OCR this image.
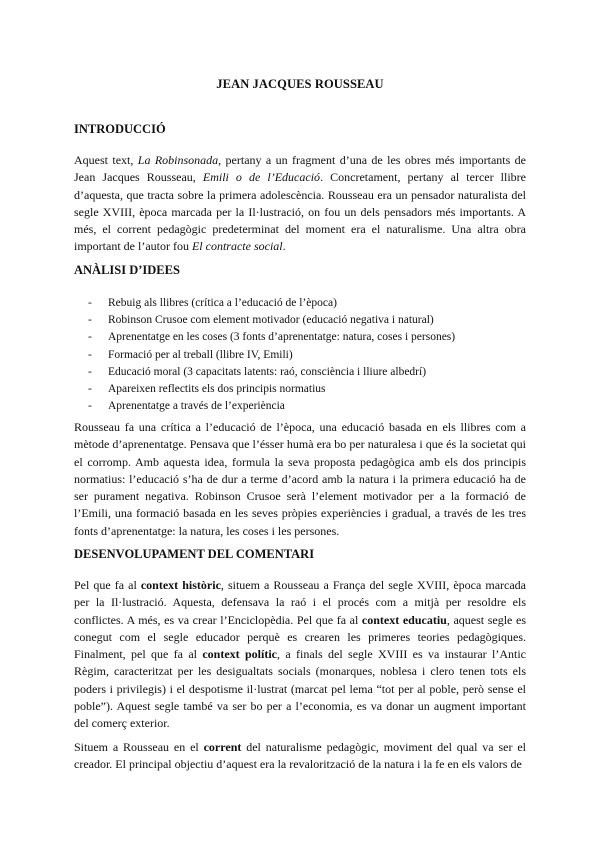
JEAN JACQUES ROUSSEAU
INTRODUCCIÓ

Aquest text, La Robinsonada, pertany a un fragment d’una de les obres més importants de Jean Jacques Rousseau, Emili o de l’Educació. Concretament, pertany al tercer llibre d’aquesta, que tracta sobre la primera adolescència. Rousseau era un pensador naturalista del segle XVIII, època marcada per la Il·lustració, on fou un dels pensadors més importants. A més, el corrent pedagògic predeterminat del moment era el naturalisme. Una altra obra important de l’autor fou El contracte social.

ANÀLISI D’IDEES
- Rebuig als llibres (crítica a l’educació de l’època)
- Robinson Crusoe com element motivador (educació negativa i natural)
- Aprenentatge en les coses (3 fonts d’aprenentatge: natura, coses i persones)
- Formació per al treball (llibre IV, Emili)
- Educació moral (3 capacitats latents: raó, consciència i lliure albedrí)
- Apareixen reflectits els dos principis normatius
- Aprenentatge a través de l’experiència

Rousseau fa una crítica a l’educació de l’època, una educació basada en els llibres com a mètode d’aprenentatge. Pensava que l’ésser humà era bo per naturalesa i que és la societat qui el corromp. Amb aquesta idea, formula la seva proposta pedagògica amb els dos principis normatius: l’educació s’ha de dur a terme d’acord amb la natura i la primera educació ha de ser purament negativa. Robinson Crusoe serà l’element motivador per a la formació de l’Emili, una formació basada en les seves pròpies experiències i gradual, a través de les tres fonts d’aprenentatge: la natura, les coses i les persones.

DESENVOLUPAMENT DEL COMENTARI

Pel que fa al context històric, situem a Rousseau a França del segle XVIII, època marcada per la Il·lustració. Aquesta, defensava la raó i el procés com a mitjà per resoldre els conflictes. A més, es va crear l’Enciclopèdia. Pel que fa al context educatiu, aquest segle es conegut com el segle educador perquè es crearen les primeres teories pedagògiques. Finalment, pel que fa al context polític, a finals del segle XVIII es va instaurar l’Antic Règim, caracteritzat per les desigualtats socials (monarques, noblesa i clero tenen tots els poders i privilegis) i el despotisme il·lustrat (marcat pel lema “tot per al poble, però sense el poble”). Aquest segle també va ser bo per a l’economia, es va donar un augment important del comerç exterior.

Situem a Rousseau en el corrent del naturalisme pedagògic, moviment del qual va ser el creador. El principal objectiu d’aquest era la revalorització de la natura i la fe en els valors de
